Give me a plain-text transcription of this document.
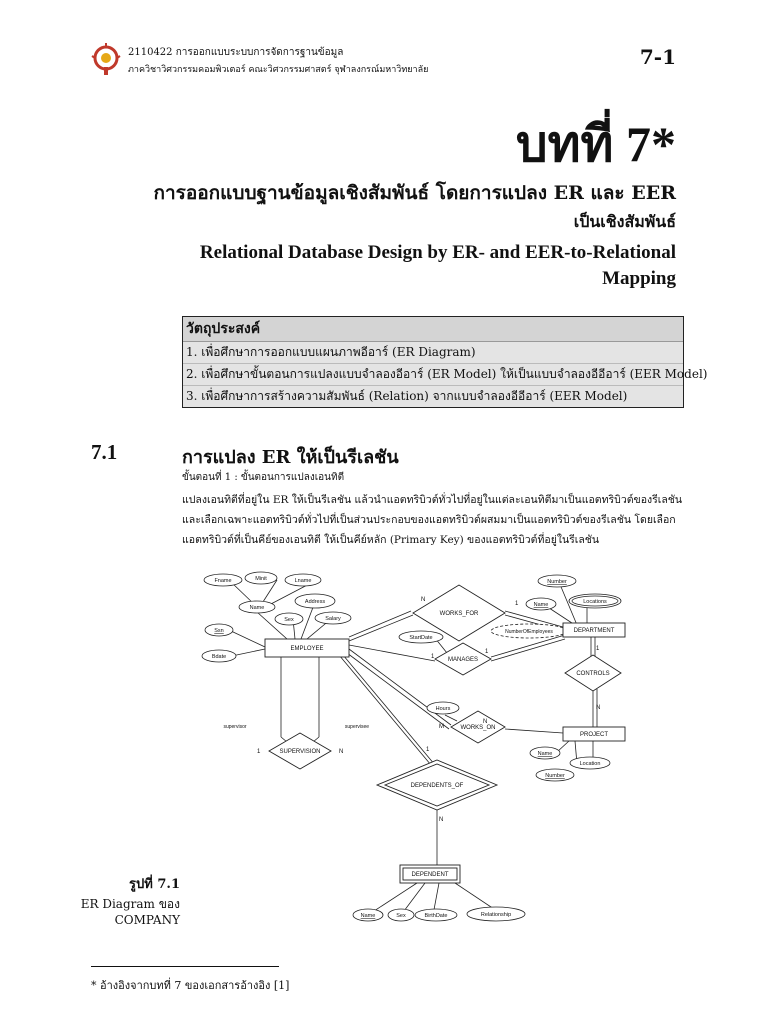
2110422 การออกแบบระบบการจัดการฐานข้อมูล
ภาควิชาวิศวกรรมคอมพิวเตอร์ คณะวิศวกรรมศาสตร์ จุฬาลงกรณ์มหาวิทยาลัย
7-1
บทที่ 7*
การออกแบบฐานข้อมูลเชิงสัมพันธ์ โดยการแปลง ER และ EER
เป็นเชิงสัมพันธ์
Relational Database Design by ER- and EER-to-Relational
Mapping
วัตถุประสงค์
1. เพื่อศึกษาการออกแบบแผนภาพอีอาร์ (ER Diagram)
2. เพื่อศึกษาขั้นตอนการแปลงแบบจำลองอีอาร์ (ER Model) ให้เป็นแบบจำลองอีอีอาร์ (EER Model)
3. เพื่อศึกษาการสร้างความสัมพันธ์ (Relation) จากแบบจำลองอีอีอาร์ (EER Model)
7.1	การแปลง ER ให้เป็นรีเลชัน
ขั้นตอนที่ 1 : ขั้นตอนการแปลงเอนทิตี
แปลงเอนทิตีที่อยู่ใน ER ให้เป็นรีเลชัน แล้วนำแอตทริบิวต์ทั่วไปที่อยู่ในแต่ละเอนทิตีมาเป็นแอตทริบิวต์ของรีเลชัน
และเลือกเฉพาะแอตทริบิวต์ทั่วไปที่เป็นส่วนประกอบของแอตทริบิวต์ผสมมาเป็นแอตทริบิวต์ของรีเลชัน โดยเลือก
แอตทริบิวต์ที่เป็นคีย์ของเอนทิตี ให้เป็นคีย์หลัก (Primary Key) ของแอตทริบิวต์ที่อยู่ในรีเลชัน
Fname	Minit	Lname
Name
Address
Sex	Salary
Ssn
Bdate
Number
Name	Locations
StartDate
NumberOfEmployees
Hours
Name
Location
Number
Name	Sex	BirthDate	Relationship
EMPLOYEE
DEPARTMENT
PROJECT
DEPENDENT
WORKS_FOR
MANAGES
CONTROLS
WORKS_ON
SUPERVISION
DEPENDENTS_OF
supervisor	supervisee
N
1
1
1	1
N
M
N
1	N	1
N
รูปที่ 7.1
ER Diagram ของ
COMPANY
* อ้างอิงจากบทที่ 7 ของเอกสารอ้างอิง [1]
